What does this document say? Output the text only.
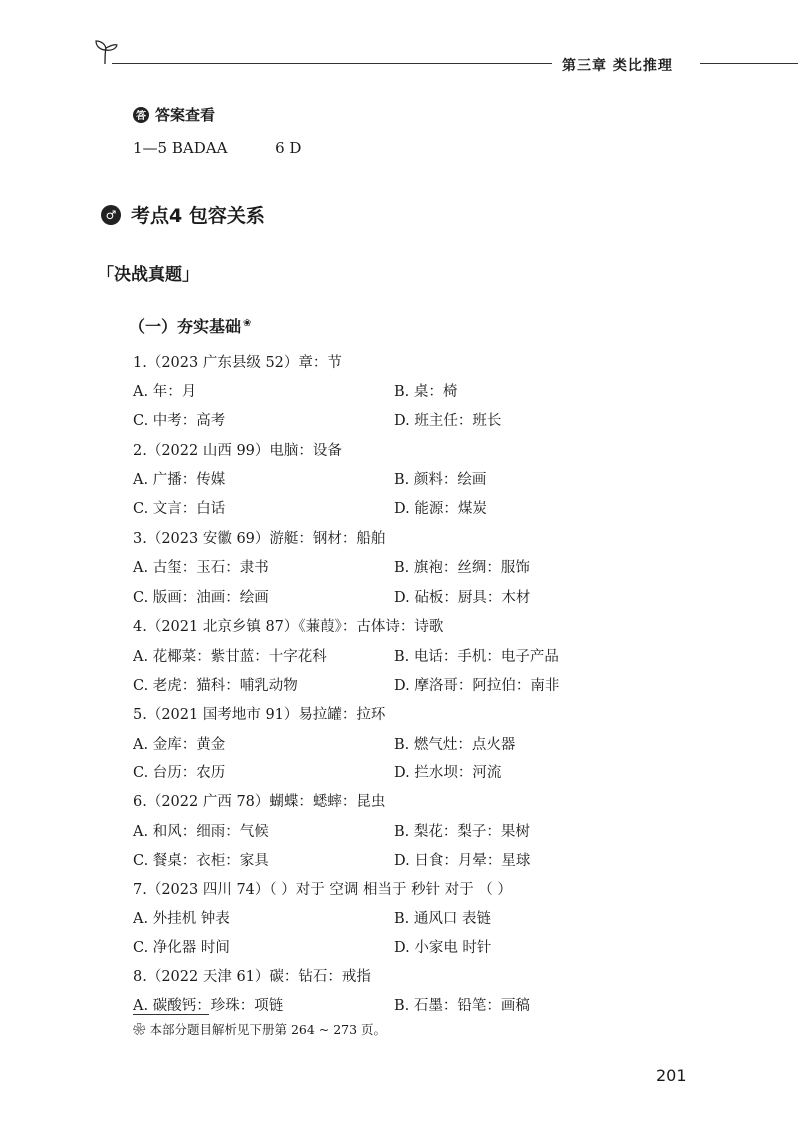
第三章 类比推理
答 答案查看
1—5 BADAA          6 D
♂ 考点4 包容关系
「决战真题」
（一）夯实基础 ❀
1.（2023 广东县级 52）章：节
A. 年：月	B. 桌：椅
C. 中考：高考	D. 班主任：班长
2.（2022 山西 99）电脑：设备
A. 广播：传媒	B. 颜料：绘画
C. 文言：白话	D. 能源：煤炭
3.（2023 安徽 69）游艇：钢材：船舶
A. 古玺：玉石：隶书	B. 旗袍：丝绸：服饰
C. 版画：油画：绘画	D. 砧板：厨具：木材
4.（2021 北京乡镇 87）《蒹葭》：古体诗：诗歌
A. 花椰菜：紫甘蓝：十字花科	B. 电话：手机：电子产品
C. 老虎：猫科：哺乳动物	D. 摩洛哥：阿拉伯：南非
5.（2021 国考地市 91）易拉罐：拉环
A. 金库：黄金	B. 燃气灶：点火器
C. 台历：农历	D. 拦水坝：河流
6.（2022 广西 78）蝴蝶：蟋蟀：昆虫
A. 和风：细雨：气候	B. 梨花：梨子：果树
C. 餐桌：衣柜：家具	D. 日食：月晕：星球
7.（2023 四川 74）（ ）对于 空调 相当于 秒针 对于 （ ）
A. 外挂机 钟表	B. 通风口 表链
C. 净化器 时间	D. 小家电 时针
8.（2022 天津 61）碳：钻石：戒指
A. 碳酸钙：珍珠：项链	B. 石墨：铅笔：画稿
❀ 本部分题目解析见下册第 264 ~ 273 页。
201
